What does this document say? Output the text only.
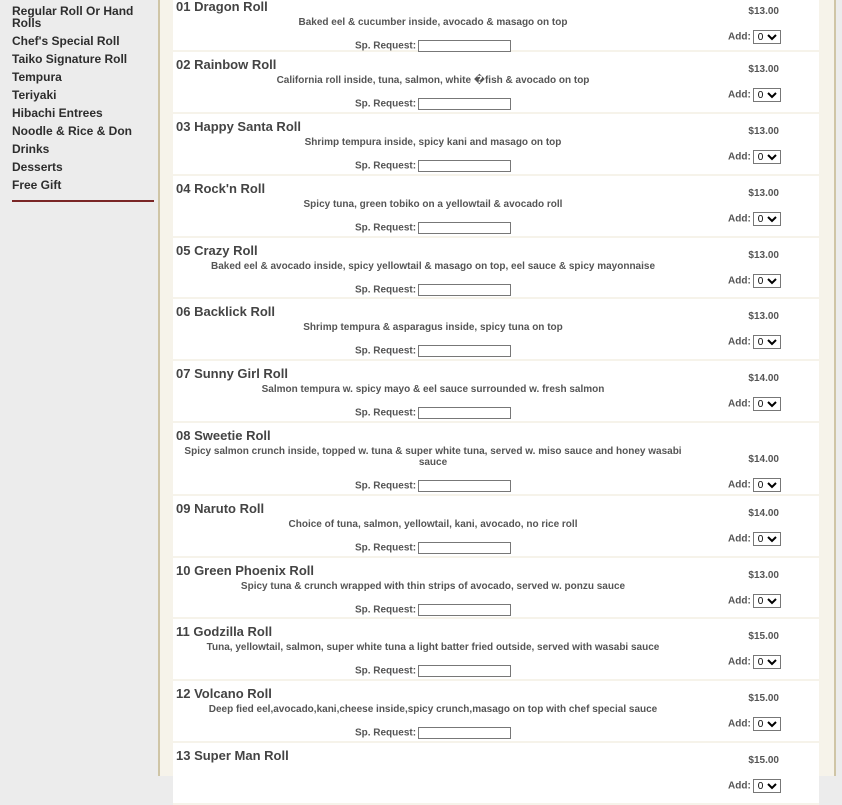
Regular Roll Or Hand Rolls
Chef's Special Roll
Taiko Signature Roll
Tempura
Teriyaki
Hibachi Entrees
Noodle & Rice & Don
Drinks
Desserts
Free Gift
01 Dragon Roll
Baked eel & cucumber inside, avocado & masago on top
Sp. Request:
$13.00
Add:
0
02 Rainbow Roll
California roll inside, tuna, salmon, white �fish & avocado on top
Sp. Request:
$13.00
Add:
0
03 Happy Santa Roll
Shrimp tempura inside, spicy kani and masago on top
Sp. Request:
$13.00
Add:
0
04 Rock'n Roll
Spicy tuna, green tobiko on a yellowtail & avocado roll
Sp. Request:
$13.00
Add:
0
05 Crazy Roll
Baked eel & avocado inside, spicy yellowtail & masago on top, eel sauce & spicy mayonnaise
Sp. Request:
$13.00
Add:
0
06 Backlick Roll
Shrimp tempura & asparagus inside, spicy tuna on top
Sp. Request:
$13.00
Add:
0
07 Sunny Girl Roll
Salmon tempura w. spicy mayo & eel sauce surrounded w. fresh salmon
Sp. Request:
$14.00
Add:
0
08 Sweetie Roll
Spicy salmon crunch inside, topped w. tuna & super white tuna, served w. miso sauce and honey wasabi sauce
Sp. Request:
$14.00
Add:
0
09 Naruto Roll
Choice of tuna, salmon, yellowtail, kani, avocado, no rice roll
Sp. Request:
$14.00
Add:
0
10 Green Phoenix Roll
Spicy tuna & crunch wrapped with thin strips of avocado, served w. ponzu sauce
Sp. Request:
$13.00
Add:
0
11 Godzilla Roll
Tuna, yellowtail, salmon, super white tuna a light batter fried outside, served with wasabi sauce
Sp. Request:
$15.00
Add:
0
12 Volcano Roll
Deep fied eel,avocado,kani,cheese inside,spicy crunch,masago on top with chef special sauce
Sp. Request:
$15.00
Add:
0
13 Super Man Roll	$15.00
Add:
0
